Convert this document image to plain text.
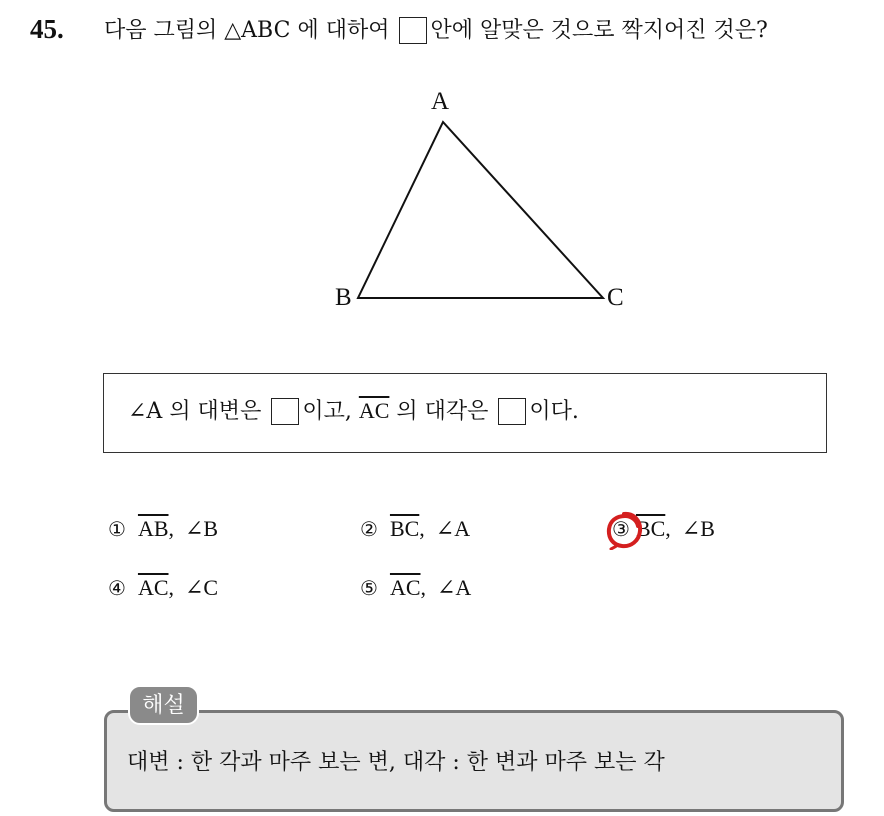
45. 다음 그림의 △ABC 에 대하여 안에 알맞은 것으로 짝지어진 것은?
A
B	C
∠A 의 대변은 이고, $\overline{AC}$ 의 대각은 이다.
① $\overline{AB}$,  ∠B	② $\overline{BC}$,  ∠A	③ $\overline{BC}$,  ∠B
④ $\overline{AC}$,  ∠C	⑤ $\overline{AC}$,  ∠A
대변 : 한 각과 마주 보는 변, 대각 : 한 변과 마주 보는 각
해설
